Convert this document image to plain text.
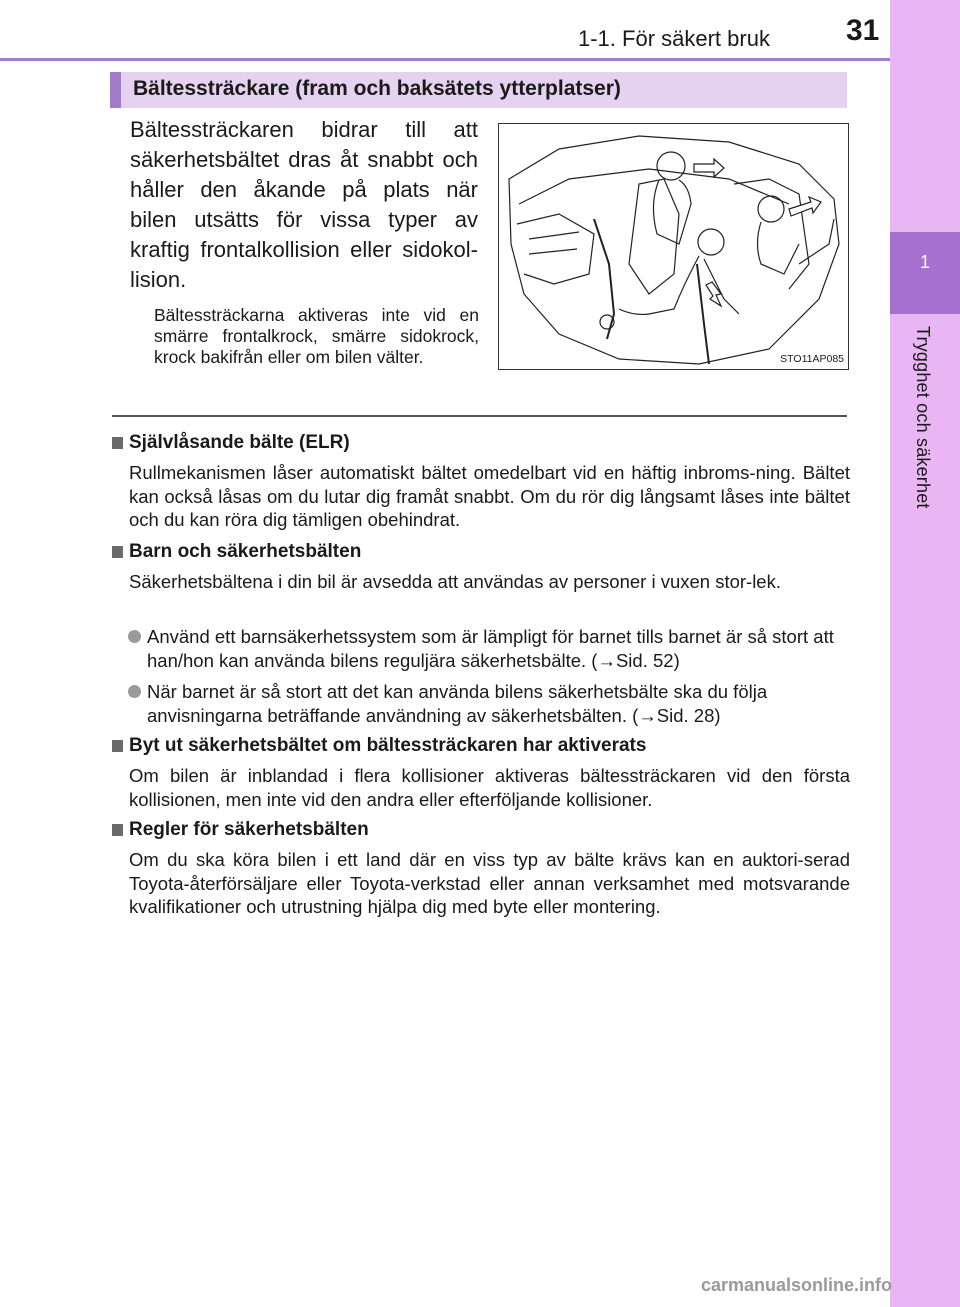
1-1. För säkert bruk	31
1
Trygghet och säkerhet
Bältessträckare (fram och baksätets ytterplatser)
Bältessträckaren bidrar till att säkerhetsbältet dras åt snabbt och håller den åkande på plats när bilen utsätts för vissa typer av kraftig frontalkollision eller sidokol-lision.
Bältessträckarna aktiveras inte vid en smärre frontalkrock, smärre sidokrock, krock bakifrån eller om bilen välter.	STO11AP085
Självlåsande bälte (ELR)
Rullmekanismen låser automatiskt bältet omedelbart vid en häftig inbroms-ning. Bältet kan också låsas om du lutar dig framåt snabbt. Om du rör dig långsamt låses inte bältet och du kan röra dig tämligen obehindrat.
Barn och säkerhetsbälten
Säkerhetsbältena i din bil är avsedda att användas av personer i vuxen stor-lek.
Använd ett barnsäkerhetssystem som är lämpligt för barnet tills barnet är så stort att han/hon kan använda bilens reguljära säkerhetsbälte. (→Sid. 52)
När barnet är så stort att det kan använda bilens säkerhetsbälte ska du följa anvisningarna beträffande användning av säkerhetsbälten. (→Sid. 28)
Byt ut säkerhetsbältet om bältessträckaren har aktiverats
Om bilen är inblandad i flera kollisioner aktiveras bältessträckaren vid den första kollisionen, men inte vid den andra eller efterföljande kollisioner.
Regler för säkerhetsbälten
Om du ska köra bilen i ett land där en viss typ av bälte krävs kan en auktori-serad Toyota-återförsäljare eller Toyota-verkstad eller annan verksamhet med motsvarande kvalifikationer och utrustning hjälpa dig med byte eller montering.
carmanualsonline.info
